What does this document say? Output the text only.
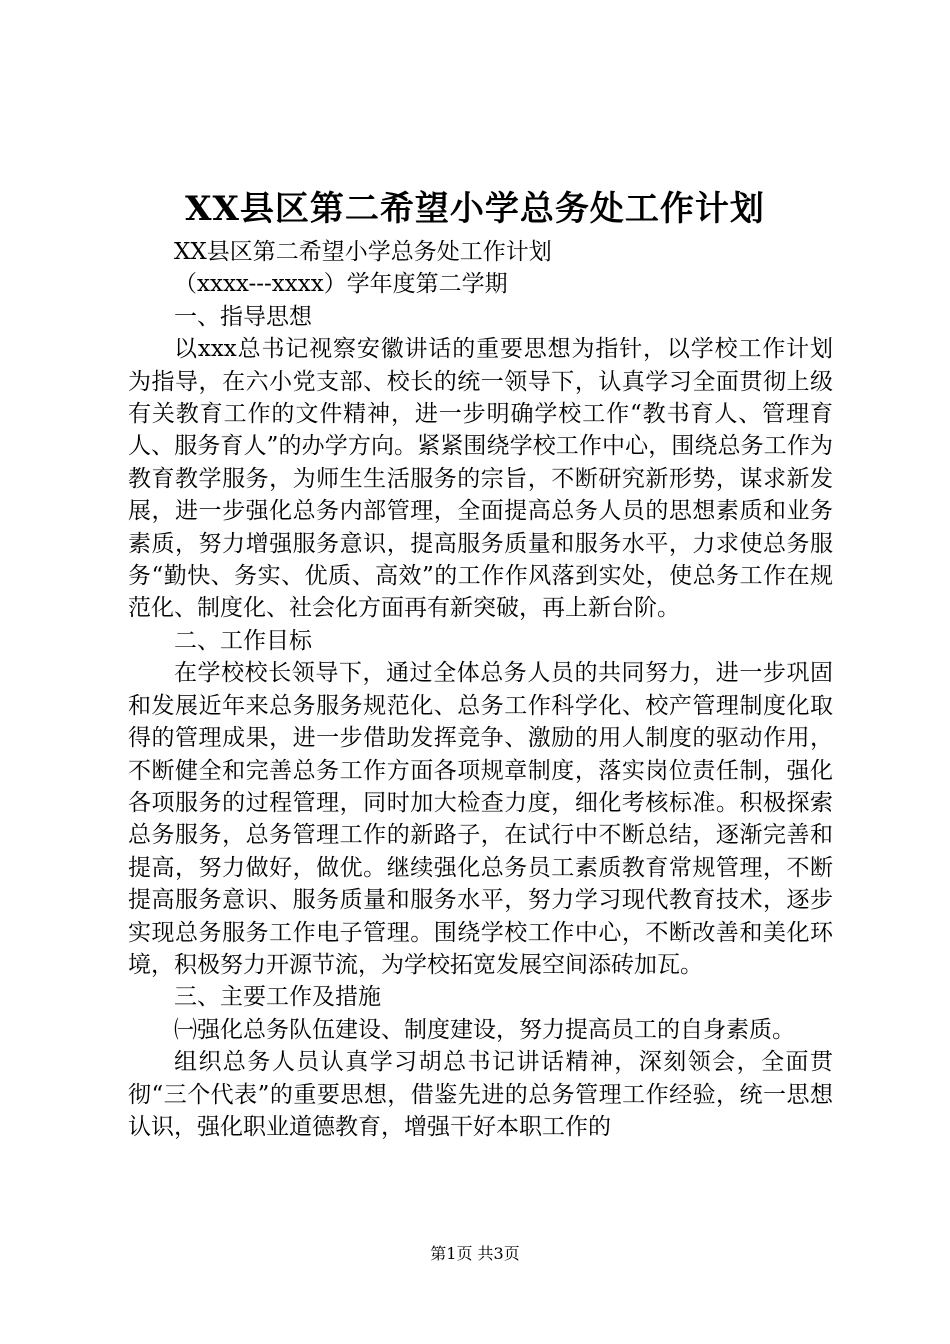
XX县区第二希望小学总务处工作计划

XX县区第二希望小学总务处工作计划

（xxxx---xxxx）学年度第二学期

一、指导思想

以xxx总书记视察安徽讲话的重要思想为指针，以学校工作计划为指导，在六小党支部、校长的统一领导下，认真学习全面贯彻上级有关教育工作的文件精神，进一步明确学校工作“教书育人、管理育人、服务育人”的办学方向。紧紧围绕学校工作中心，围绕总务工作为教育教学服务，为师生生活服务的宗旨，不断研究新形势，谋求新发展，进一步强化总务内部管理，全面提高总务人员的思想素质和业务素质，努力增强服务意识，提高服务质量和服务水平，力求使总务服务“勤快、务实、优质、高效”的工作作风落到实处，使总务工作在规范化、制度化、社会化方面再有新突破，再上新台阶。

二、工作目标

在学校校长领导下，通过全体总务人员的共同努力，进一步巩固和发展近年来总务服务规范化、总务工作科学化、校产管理制度化取得的管理成果，进一步借助发挥竞争、激励的用人制度的驱动作用，不断健全和完善总务工作方面各项规章制度，落实岗位责任制，强化各项服务的过程管理，同时加大检查力度，细化考核标准。积极探索总务服务，总务管理工作的新路子，在试行中不断总结，逐渐完善和提高，努力做好，做优。继续强化总务员工素质教育常规管理，不断提高服务意识、服务质量和服务水平，努力学习现代教育技术，逐步实现总务服务工作电子管理。围绕学校工作中心，不断改善和美化环境，积极努力开源节流，为学校拓宽发展空间添砖加瓦。

三、主要工作及措施

㈠强化总务队伍建设、制度建设，努力提高员工的自身素质。

组织总务人员认真学习胡总书记讲话精神，深刻领会，全面贯彻“三个代表”的重要思想，借鉴先进的总务管理工作经验，统一思想认识，强化职业道德教育，增强干好本职工作的

第1页 共3页
